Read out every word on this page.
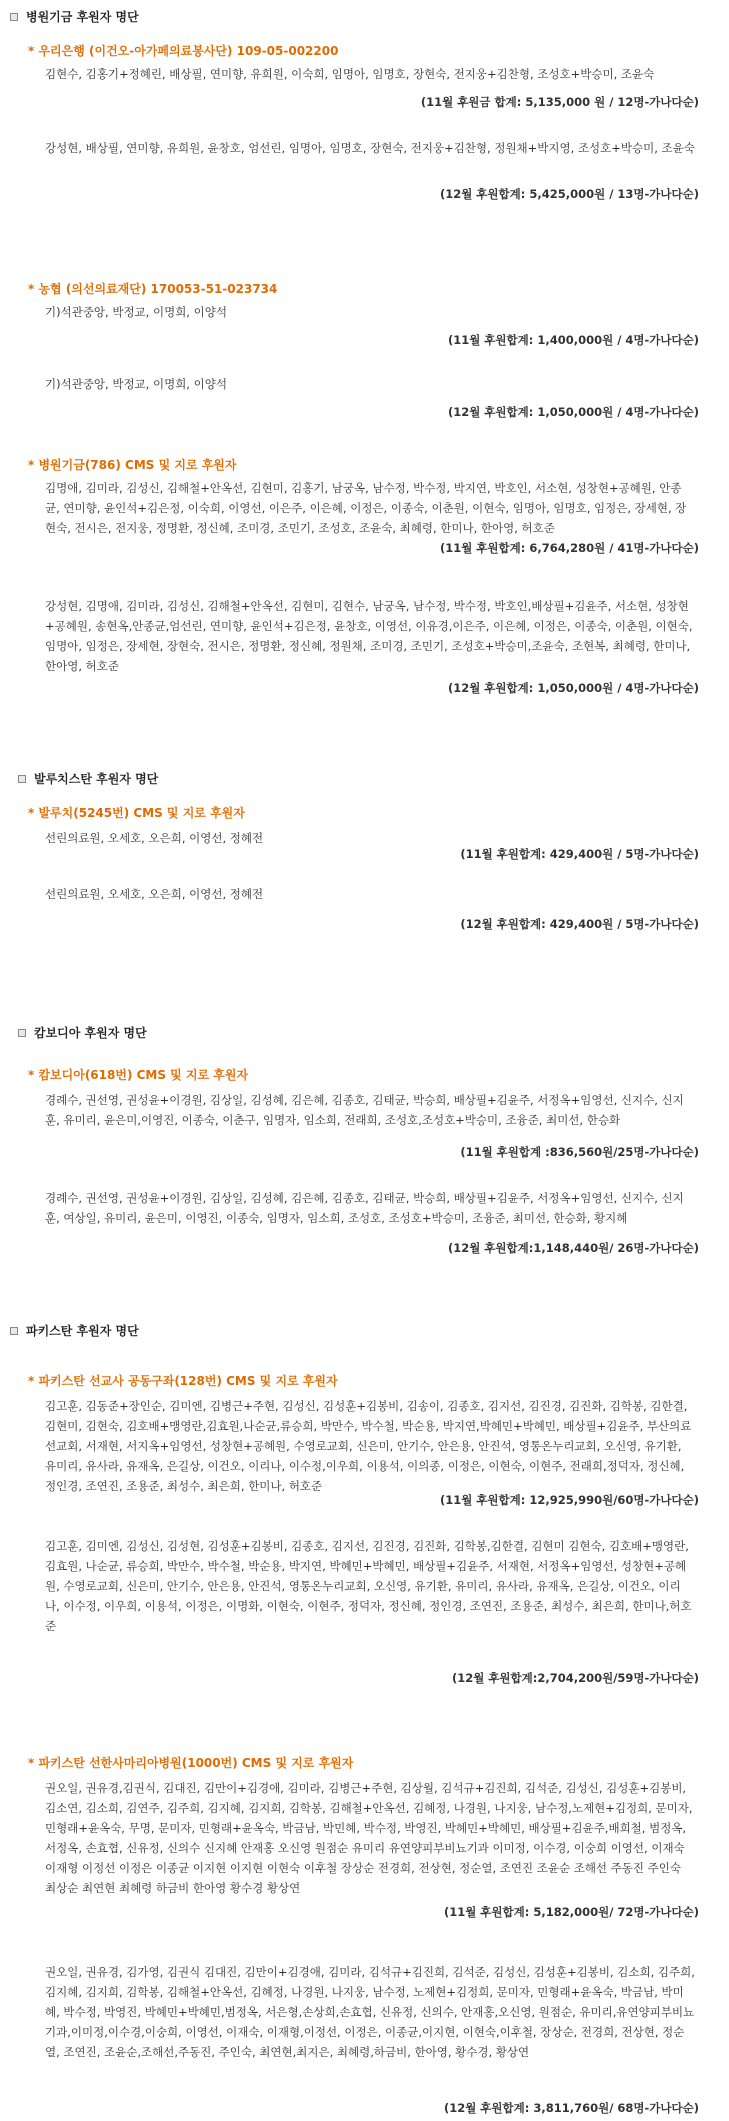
병원기금 후원자 명단
* 우리은행 (이건오-아가페의료봉사단) 109-05-002200
김현수, 김홍기+정혜린, 배상필, 연미향, 유희원, 이숙희, 임명아, 임명호, 장현숙, 전지웅+김찬형, 조성호+박승미, 조윤숙
(11월 후원금 합계: 5,135,000 원 / 12명-가나다순)
강성현, 배상필, 연미향, 유희원, 윤창호, 엄선린, 임명아, 임명호, 장현숙, 전지웅+김찬형, 정원채+박지영, 조성호+박승미, 조윤숙
(12월 후원합계: 5,425,000원 / 13명-가나다순)
* 농협 (의선의료재단) 170053-51-023734
기)석관중앙, 박정교, 이명희, 이양석
(11월 후원합계: 1,400,000원 / 4명-가나다순)
기)석관중앙, 박정교, 이명희, 이양석
(12월 후원합계: 1,050,000원 / 4명-가나다순)
* 병원기금(786) CMS 및 지로 후원자
김명애, 김미라, 김성신, 김해철+안옥선, 김현미, 김홍기, 남궁옥, 남수정, 박수정, 박지연, 박호인, 서소현, 성창현+공혜원, 안종균, 연미향, 윤인석+김은정, 이숙희, 이영선, 이은주, 이은혜, 이정은, 이종숙, 이춘원, 이현숙, 임명아, 임명호, 임정은, 장세현, 장현숙, 전시은, 전지웅, 정명환, 정신혜, 조미경, 조민기, 조성호, 조윤숙, 최혜령, 한미나, 한아영, 허호준
(11월 후원합계: 6,764,280원 / 41명-가나다순)
강성현, 김명애, 김미라, 김성신, 김해철+안옥선, 김현미, 김현수, 남궁옥, 남수정, 박수정, 박호인,배상필+김윤주, 서소현, 성창현+공혜원, 송현옥,안종균,엄선린, 연미향, 윤인석+김은정, 윤창호, 이영선, 이유경,이은주, 이은혜, 이정은, 이종숙, 이춘원, 이현숙,임명아, 임정은, 장세현, 장현숙, 전시은, 정명환, 정신혜, 정원채, 조미경, 조민기, 조성호+박승미,조윤숙, 조현복, 최혜령, 한미나, 한아영, 허호준
(12월 후원합계: 1,050,000원 / 4명-가나다순)
발루치스탄 후원자 명단
* 발루치(5245번) CMS 및 지로 후원자
선린의료원, 오세호, 오은희, 이영선, 정혜전
(11월 후원합계: 429,400원 / 5명-가나다순)
선린의료원, 오세호, 오은희, 이영선, 정혜전
(12월 후원합계: 429,400원 / 5명-가나다순)
캄보디아 후원자 명단
* 캄보디아(618번) CMS 및 지로 후원자
경례수, 권선영, 권성윤+이경원, 김상일, 김성혜, 김은혜, 김종호, 김태균, 박승희, 배상필+김윤주, 서정옥+임영선, 신지수, 신지훈, 유미리, 윤은미,이영진, 이종숙, 이춘구, 임명자, 임소희, 전래희, 조성호,조성호+박승미, 조융준, 최미선, 한승화
(11월 후원합계 :836,560원/25명-가나다순)
경례수, 권선영, 권성윤+이경원, 김상일, 김성혜, 김은혜, 김종호, 김태균, 박승희, 배상필+김윤주, 서정옥+임영선, 신지수, 신지훈, 여상일, 유미리, 윤은미, 이영진, 이종숙, 임명자, 임소희, 조성호, 조성호+박승미, 조융준, 최미선, 한승화, 황지혜
(12월 후원합계:1,148,440원/ 26명-가나다순)
파키스탄 후원자 명단
* 파키스탄 선교사 공동구좌(128번) CMS 및 지로 후원자
김고훈, 김동준+장인순, 김미엔, 김병근+주현, 김성신, 김성훈+김봉비, 김송이, 김종호, 김지선, 김진경, 김진화, 김학봉, 김한결, 김현미, 김현숙, 김호배+맹영란,김효원,나순균,류승희, 박만수, 박수철, 박순용, 박지연,박혜민+박혜민, 배상필+김윤주, 부산의료선교회, 서재현, 서지옥+임영선, 성창현+공혜원, 수영로교회, 신은미, 안기수, 안은용, 안진석, 영통온누리교회, 오신영, 유기환, 유미리, 유사라, 유재옥, 은길상, 이건오, 이리나, 이수정,이우희, 이용석, 이의종, 이정은, 이현숙, 이현주, 전래희,정덕자, 정신혜, 정인경, 조연진, 조용준, 최성수, 최은희, 한미나, 허호준
(11월 후원합계: 12,925,990원/60명-가나다순)
김고훈, 김미엔, 김성신, 김성현, 김성훈+김봉비, 김종호, 김지선, 김진경, 김진화, 김학봉,김한결, 김현미 김현숙, 김호배+맹영란, 김효원, 나순균, 류승희, 박만수, 박수철, 박순용, 박지연, 박혜민+박혜민, 배상필+김윤주, 서재현, 서정옥+임영선, 성창현+공혜원, 수영로교회, 신은미, 안기수, 안은용, 안진석, 영통온누리교회, 오신영, 유기환, 유미리, 유사라, 유재옥, 은길상, 이건오, 이리나, 이수정, 이우희, 이용석, 이정은, 이명화, 이현숙, 이현주, 정덕자, 정신혜, 정인경, 조연진, 조용준, 최성수, 최은희, 한미나,허호준
(12월 후원합계:2,704,200원/59명-가나다순)
* 파키스탄 선한사마리아병원(1000번) CMS 및 지로 후원자
권오일, 권유경,김권식, 김대진, 김만이+김경애, 김미라, 김병근+주현, 김상월, 김석규+김진희, 김석준, 김성신, 김성훈+김봉비, 김소연, 김소희, 김연주, 김주희, 김지혜, 김지희, 김학봉, 김해철+안옥선, 김혜정, 나경원, 나지웅, 남수정,노제현+김정희, 문미자, 민형래+윤옥숙, 무명, 문미자, 민형래+윤옥숙, 박금남, 박민혜, 박수정, 박영진, 박혜민+박혜민, 배상필+김윤주,배희철, 범정옥, 서정옥, 손효협, 신유정, 신의수 신지혜 안재홍 오신영 원점순 유미리 유연양피부비뇨기과 이미정, 이수경, 이숭희 이영선, 이재숙 이재형 이정선 이정은 이종균 이지현 이지현 이현숙 이후철 장상순 전경희, 전상현, 정순열, 조연진 조윤순 조해선 주동진 주인숙 최상순 최연현 최혜령 하금비 한아영 황수경 황상연
(11월 후원합계: 5,182,000원/ 72명-가나다순)
권오일, 권유경, 김가영, 김권식 김대진, 김만이+김경애, 김미라, 김석규+김진희, 김석준, 김성신, 김성훈+김봉비, 김소희, 김주희, 김지혜, 김지희, 김학봉, 김해철+안옥선, 김혜정, 나경원, 나지웅, 남수정, 노제현+김정희, 문미자, 민형래+윤옥숙, 박금남, 박미혜, 박수정, 박영진, 박혜민+박혜민,범정옥, 서은형,손상희,손효협, 신유정, 신의수, 안재홍,오신영, 원점순, 유미리,유연양피부비뇨기과,이미정,이수경,이숭희, 이영선, 이재숙, 이재형,이정선, 이정은, 이종균,이지현, 이현숙,이후철, 장상순, 전경희, 전상현, 정순열, 조연진, 조윤순,조해선,주동진, 주인숙, 최연현,최지은, 최혜령,하금비, 한아영, 황수경, 황상연
(12월 후원합계: 3,811,760원/ 68명-가나다순)
